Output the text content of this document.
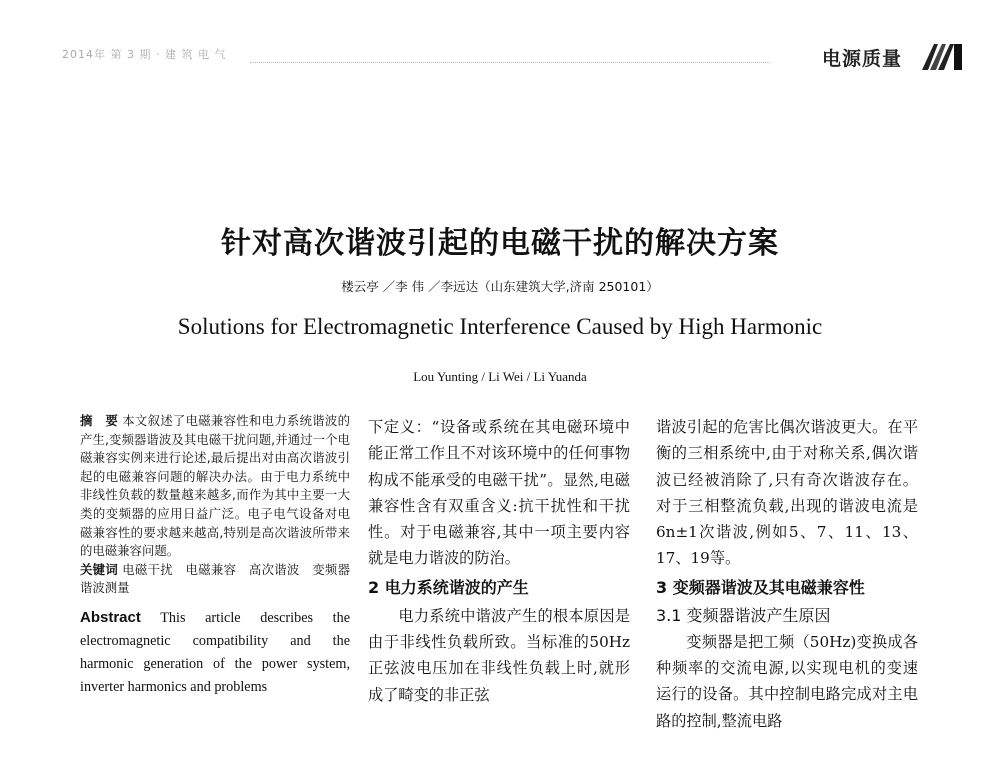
2014年 第 3 期 · 建 筑 电 气	电源质量
针对高次谐波引起的电磁干扰的解决方案
楼云亭 ／李 伟 ／李远达（山东建筑大学,济南 250101）
Solutions for Electromagnetic Interference Caused by High Harmonic
Lou Yunting / Li Wei / Li Yuanda
摘　要 本文叙述了电磁兼容性和电力系统谐波的产生,变频器谐波及其电磁干扰问题,并通过一个电磁兼容实例来进行论述,最后提出对由高次谐波引起的电磁兼容问题的解决办法。由于电力系统中非线性负载的数量越来越多,而作为其中主要一大类的变频器的应用日益广泛。电子电气设备对电磁兼容性的要求越来越高,特别是高次谐波所带来的电磁兼容问题。
关键词 电磁干扰　电磁兼容　高次谐波　变频器　谐波测量
Abstract This article describes the electromagnetic compatibility and the harmonic generation of the power system, inverter harmonics and problems

下定义：“设备或系统在其电磁环境中能正常工作且不对该环境中的任何事物构成不能承受的电磁干扰”。显然,电磁兼容性含有双重含义:抗干扰性和干扰性。对于电磁兼容,其中一项主要内容就是电力谐波的防治。

2 电力系统谐波的产生

电力系统中谐波产生的根本原因是由于非线性负载所致。当标准的50Hz正弦波电压加在非线性负载上时,就形成了畸变的非正弦

谐波引起的危害比偶次谐波更大。在平衡的三相系统中,由于对称关系,偶次谐波已经被消除了,只有奇次谐波存在。对于三相整流负载,出现的谐波电流是6n±1次谐波,例如5、7、11、13、17、19等。

3 变频器谐波及其电磁兼容性
3.1 变频器谐波产生原因

变频器是把工频（50Hz)变换成各种频率的交流电源,以实现电机的变速运行的设备。其中控制电路完成对主电路的控制,整流电路
